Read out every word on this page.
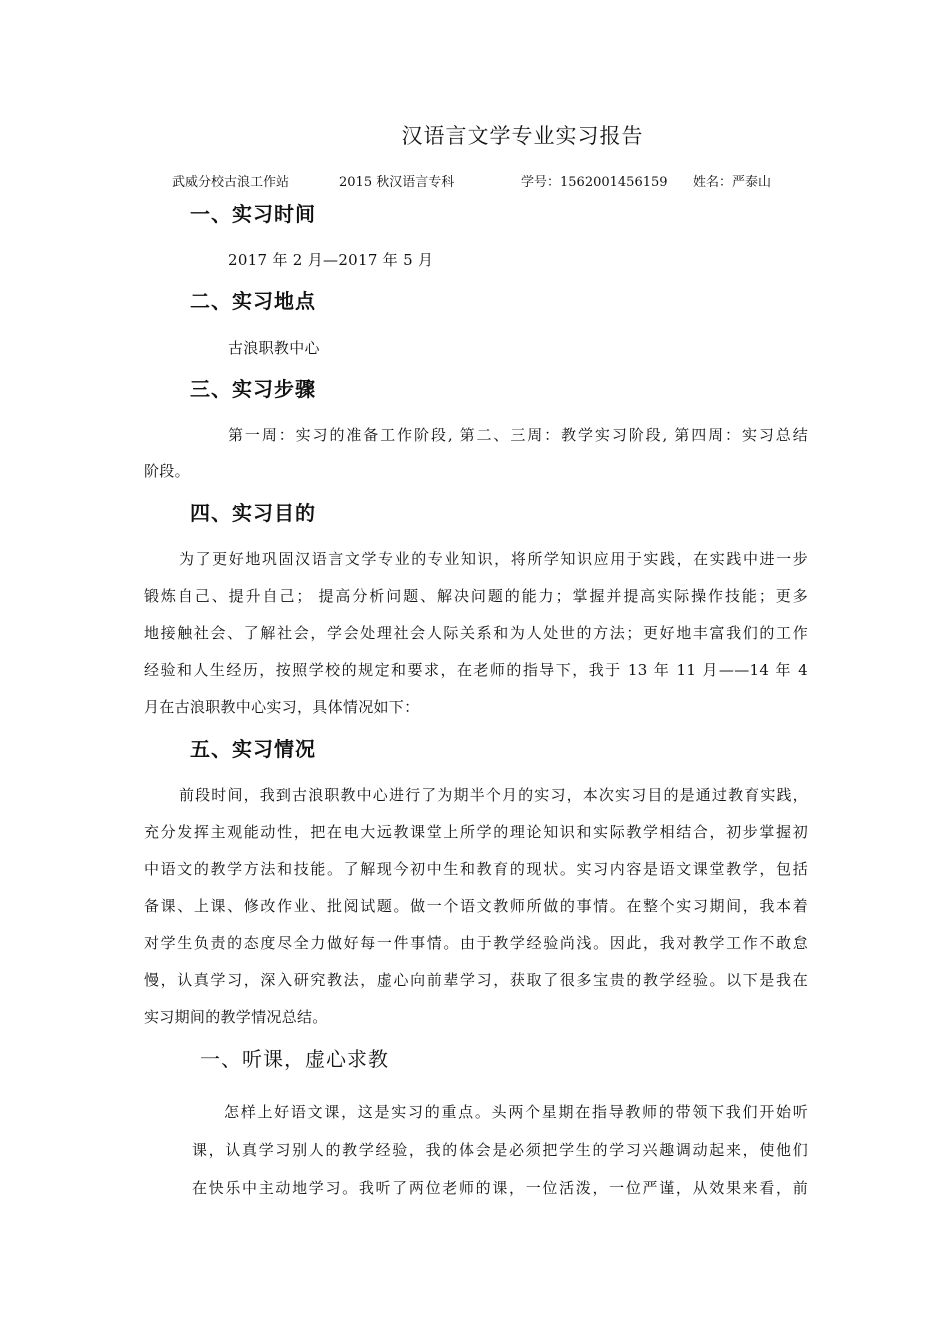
汉语言文学专业实习报告
武威分校古浪工作站	2015 秋汉语言专科	学号：1562001456159 姓名：严泰山
一、实习时间
2017 年 2 月—2017 年 5 月
二、实习地点
古浪职教中心
三、实习步骤
第一周：实习的准备工作阶段, 第二、三周：教学实习阶段, 第四周：实习总结
阶段。
四、实习目的
为了更好地巩固汉语言文学专业的专业知识，将所学知识应用于实践，在实践中进一步
锻炼自己、提升自己； 提高分析问题、解决问题的能力；掌握并提高实际操作技能；更多
地接触社会、了解社会，学会处理社会人际关系和为人处世的方法；更好地丰富我们的工作
经验和人生经历，按照学校的规定和要求，在老师的指导下，我于 13 年 11 月——14 年 4
月在古浪职教中心实习，具体情况如下：
五、实习情况
前段时间，我到古浪职教中心进行了为期半个月的实习，本次实习目的是通过教育实践，
充分发挥主观能动性，把在电大远教课堂上所学的理论知识和实际教学相结合，初步掌握初
中语文的教学方法和技能。了解现今初中生和教育的现状。实习内容是语文课堂教学，包括
备课、上课、修改作业、批阅试题。做一个语文教师所做的事情。在整个实习期间，我本着
对学生负责的态度尽全力做好每一件事情。由于教学经验尚浅。因此，我对教学工作不敢怠
慢，认真学习，深入研究教法，虚心向前辈学习，获取了很多宝贵的教学经验。以下是我在
实习期间的教学情况总结。
一、听课，虚心求教
怎样上好语文课，这是实习的重点。头两个星期在指导教师的带领下我们开始听
课，认真学习别人的教学经验，我的体会是必须把学生的学习兴趣调动起来，使他们
在快乐中主动地学习。我听了两位老师的课，一位活泼，一位严谨，从效果来看，前
